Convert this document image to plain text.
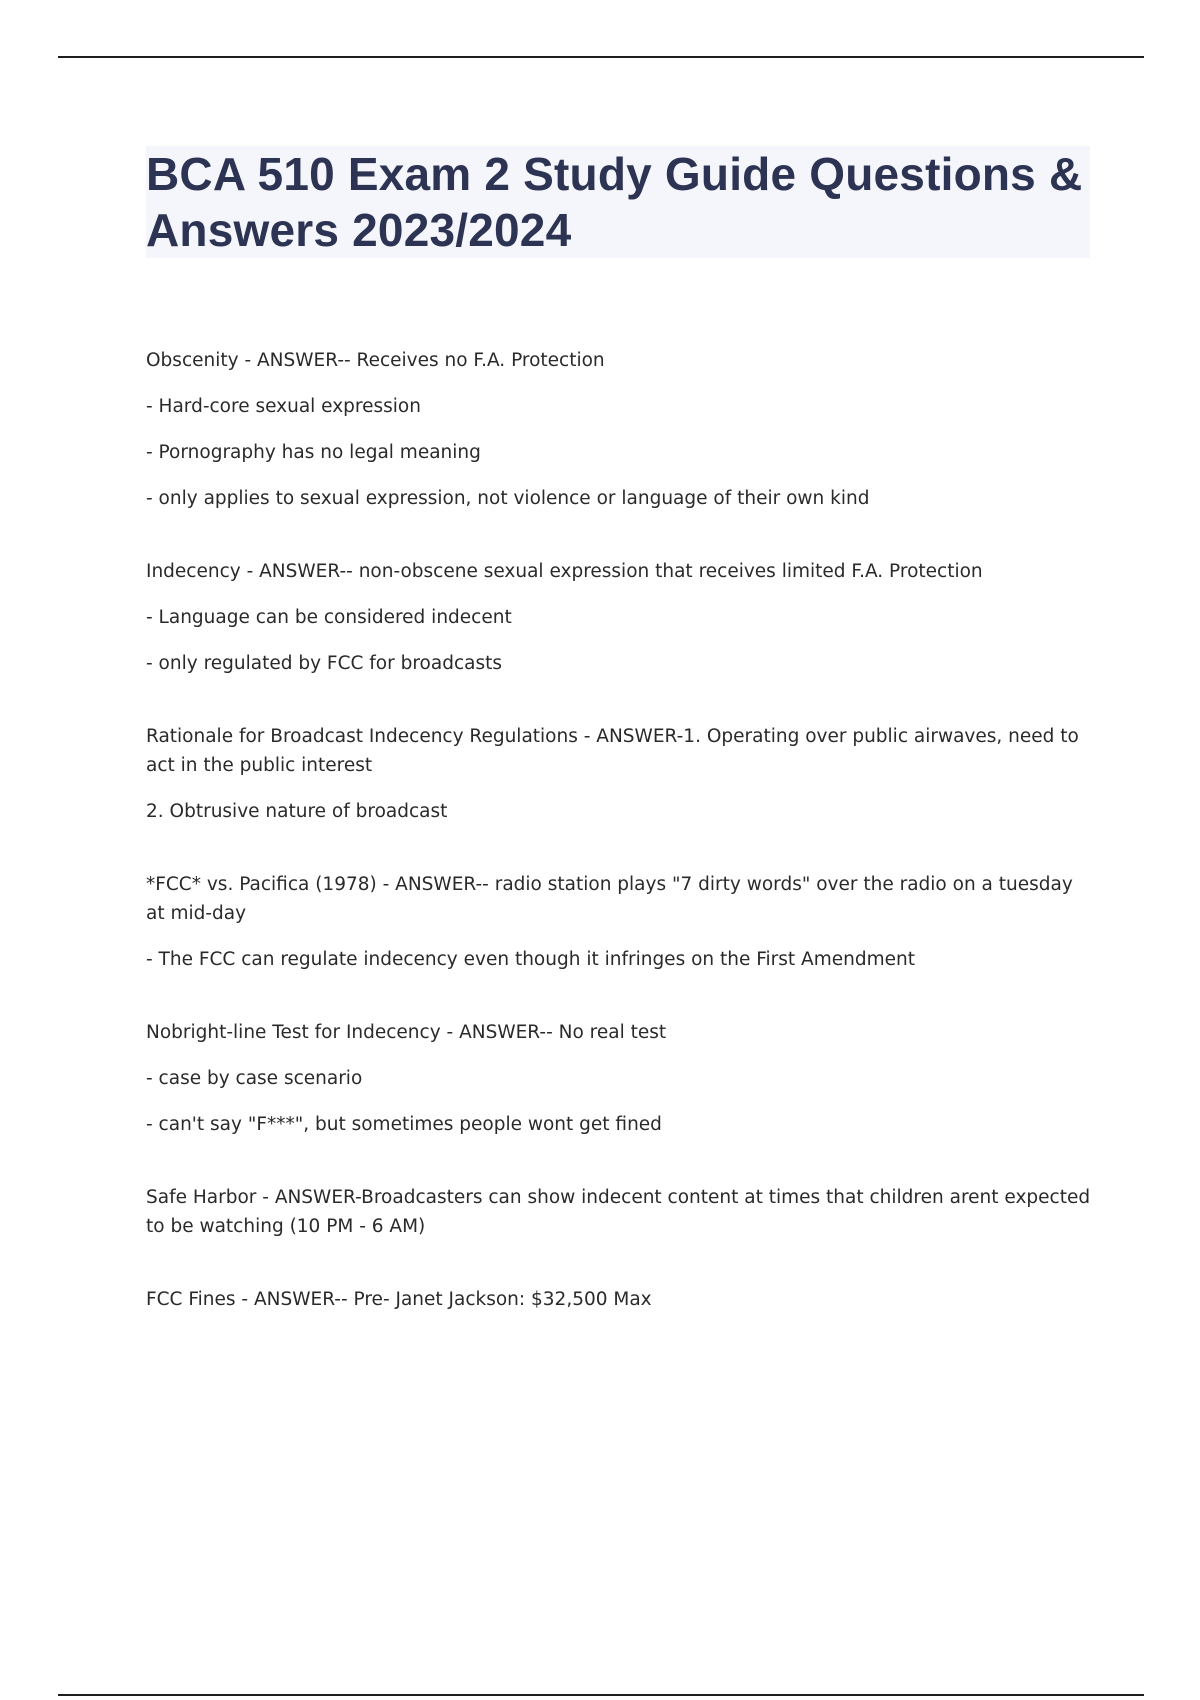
BCA 510 Exam 2 Study Guide Questions & Answers 2023/2024

Obscenity - ANSWER-- Receives no F.A. Protection

- Hard-core sexual expression

- Pornography has no legal meaning

- only applies to sexual expression, not violence or language of their own kind

Indecency - ANSWER-- non-obscene sexual expression that receives limited F.A. Protection

- Language can be considered indecent

- only regulated by FCC for broadcasts

Rationale for Broadcast Indecency Regulations - ANSWER-1. Operating over public airwaves, need to act in the public interest

2. Obtrusive nature of broadcast

*FCC* vs. Pacifica (1978) - ANSWER-- radio station plays "7 dirty words" over the radio on a tuesday at mid-day

- The FCC can regulate indecency even though it infringes on the First Amendment

Nobright-line Test for Indecency - ANSWER-- No real test

- case by case scenario

- can't say "F***", but sometimes people wont get fined

Safe Harbor - ANSWER-Broadcasters can show indecent content at times that children arent expected to be watching (10 PM - 6 AM)

FCC Fines - ANSWER-- Pre- Janet Jackson: $32,500 Max
